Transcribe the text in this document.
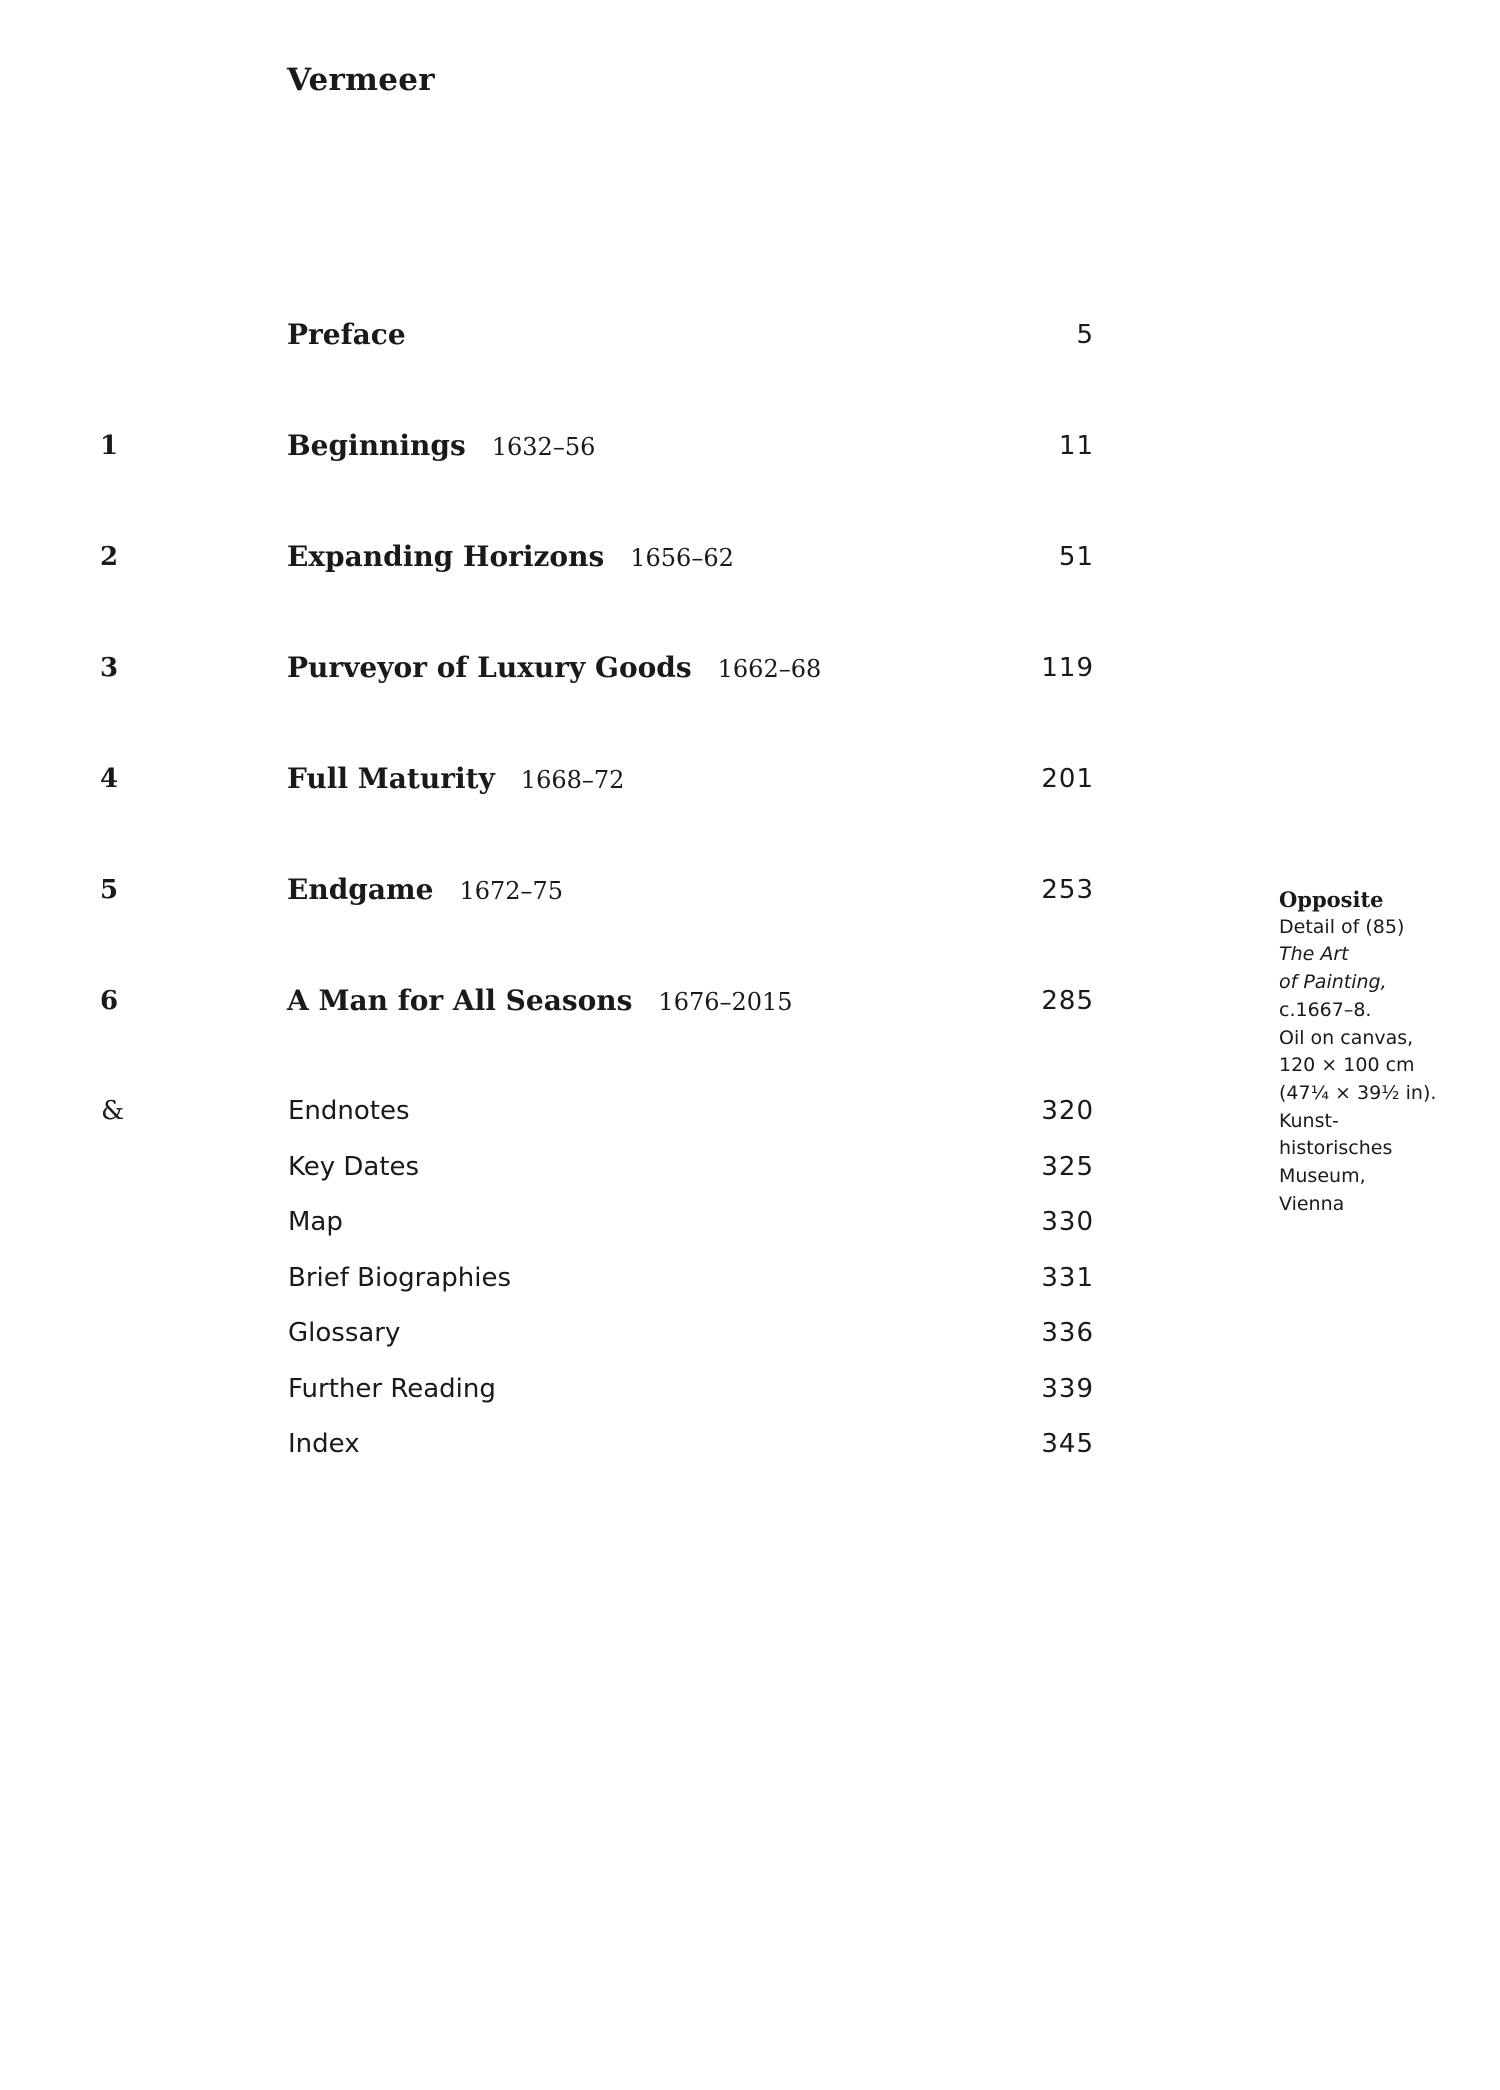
Vermeer
Preface	5
1	Beginnings 1632–56	11
2	Expanding Horizons 1656–62	51
3	Purveyor of Luxury Goods 1662–68	119
4	Full Maturity 1668–72	201
5	Endgame 1672–75	253
6	A Man for All Seasons 1676–2015	285
&	Endnotes	320
Key Dates	325
Map	330
Brief Biographies	331
Glossary	336
Further Reading	339
Index	345
Opposite
Detail of (85)
The Art
of Painting,
c.1667–8.
Oil on canvas,
120 × 100 cm
(47¼ × 39½ in).
Kunst-
historisches
Museum,
Vienna
